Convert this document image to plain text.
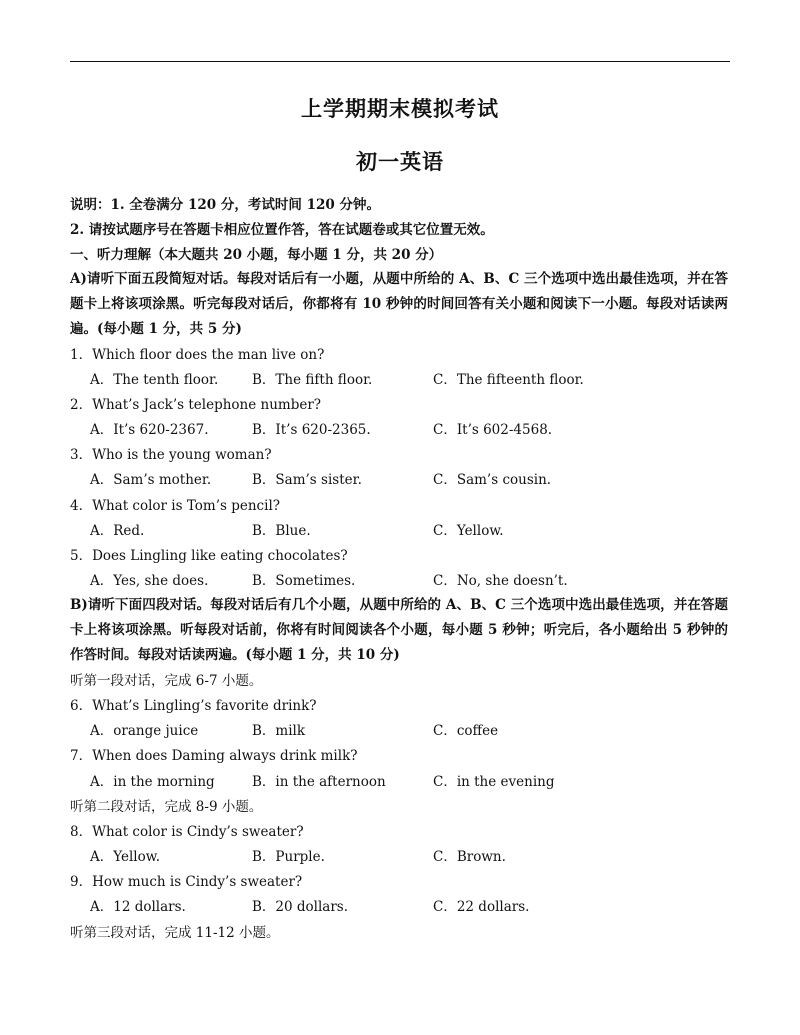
上学期期末模拟考试
初一英语
说明：1. 全卷满分 120 分，考试时间 120 分钟。
2. 请按试题序号在答题卡相应位置作答，答在试题卷或其它位置无效。
一、听力理解（本大题共 20 小题，每小题 1 分，共 20 分）
A)请听下面五段简短对话。每段对话后有一小题，从题中所给的 A、B、C 三个选项中选出最佳选项，并在答题卡上将该项涂黑。听完每段对话后，你都将有 10 秒钟的时间回答有关小题和阅读下一小题。每段对话读两遍。(每小题 1 分，共 5 分)
1．Which floor does the man live on?
A．The tenth floor. B．The fifth floor.	C．The fifteenth floor.
2．What’s Jack’s telephone number?
A．It’s 620-2367.	B．It’s 620-2365.	C．It’s 602-4568.
3．Who is the young woman?
A．Sam’s mother.	B．Sam’s sister.	C．Sam’s cousin.
4．What color is Tom’s pencil?
A．Red.	B．Blue.	C．Yellow.
5．Does Lingling like eating chocolates?
A．Yes, she does.	B．Sometimes.	C．No, she doesn’t.
B)请听下面四段对话。每段对话后有几个小题，从题中所给的 A、B、C 三个选项中选出最佳选项，并在答题卡上将该项涂黑。听每段对话前，你将有时间阅读各个小题，每小题 5 秒钟；听完后，各小题给出 5 秒钟的作答时间。每段对话读两遍。(每小题 1 分，共 10 分)
听第一段对话，完成 6-7 小题。
6．What’s Lingling’s favorite drink?
A．orange juice	B．milk	C．coffee
7．When does Daming always drink milk?
A．in the morning	B．in the afternoon	C．in the evening
听第二段对话，完成 8-9 小题。
8．What color is Cindy’s sweater?
A．Yellow.	B．Purple.	C．Brown.
9．How much is Cindy’s sweater?
A．12 dollars.	B．20 dollars.	C．22 dollars.
听第三段对话，完成 11-12 小题。
